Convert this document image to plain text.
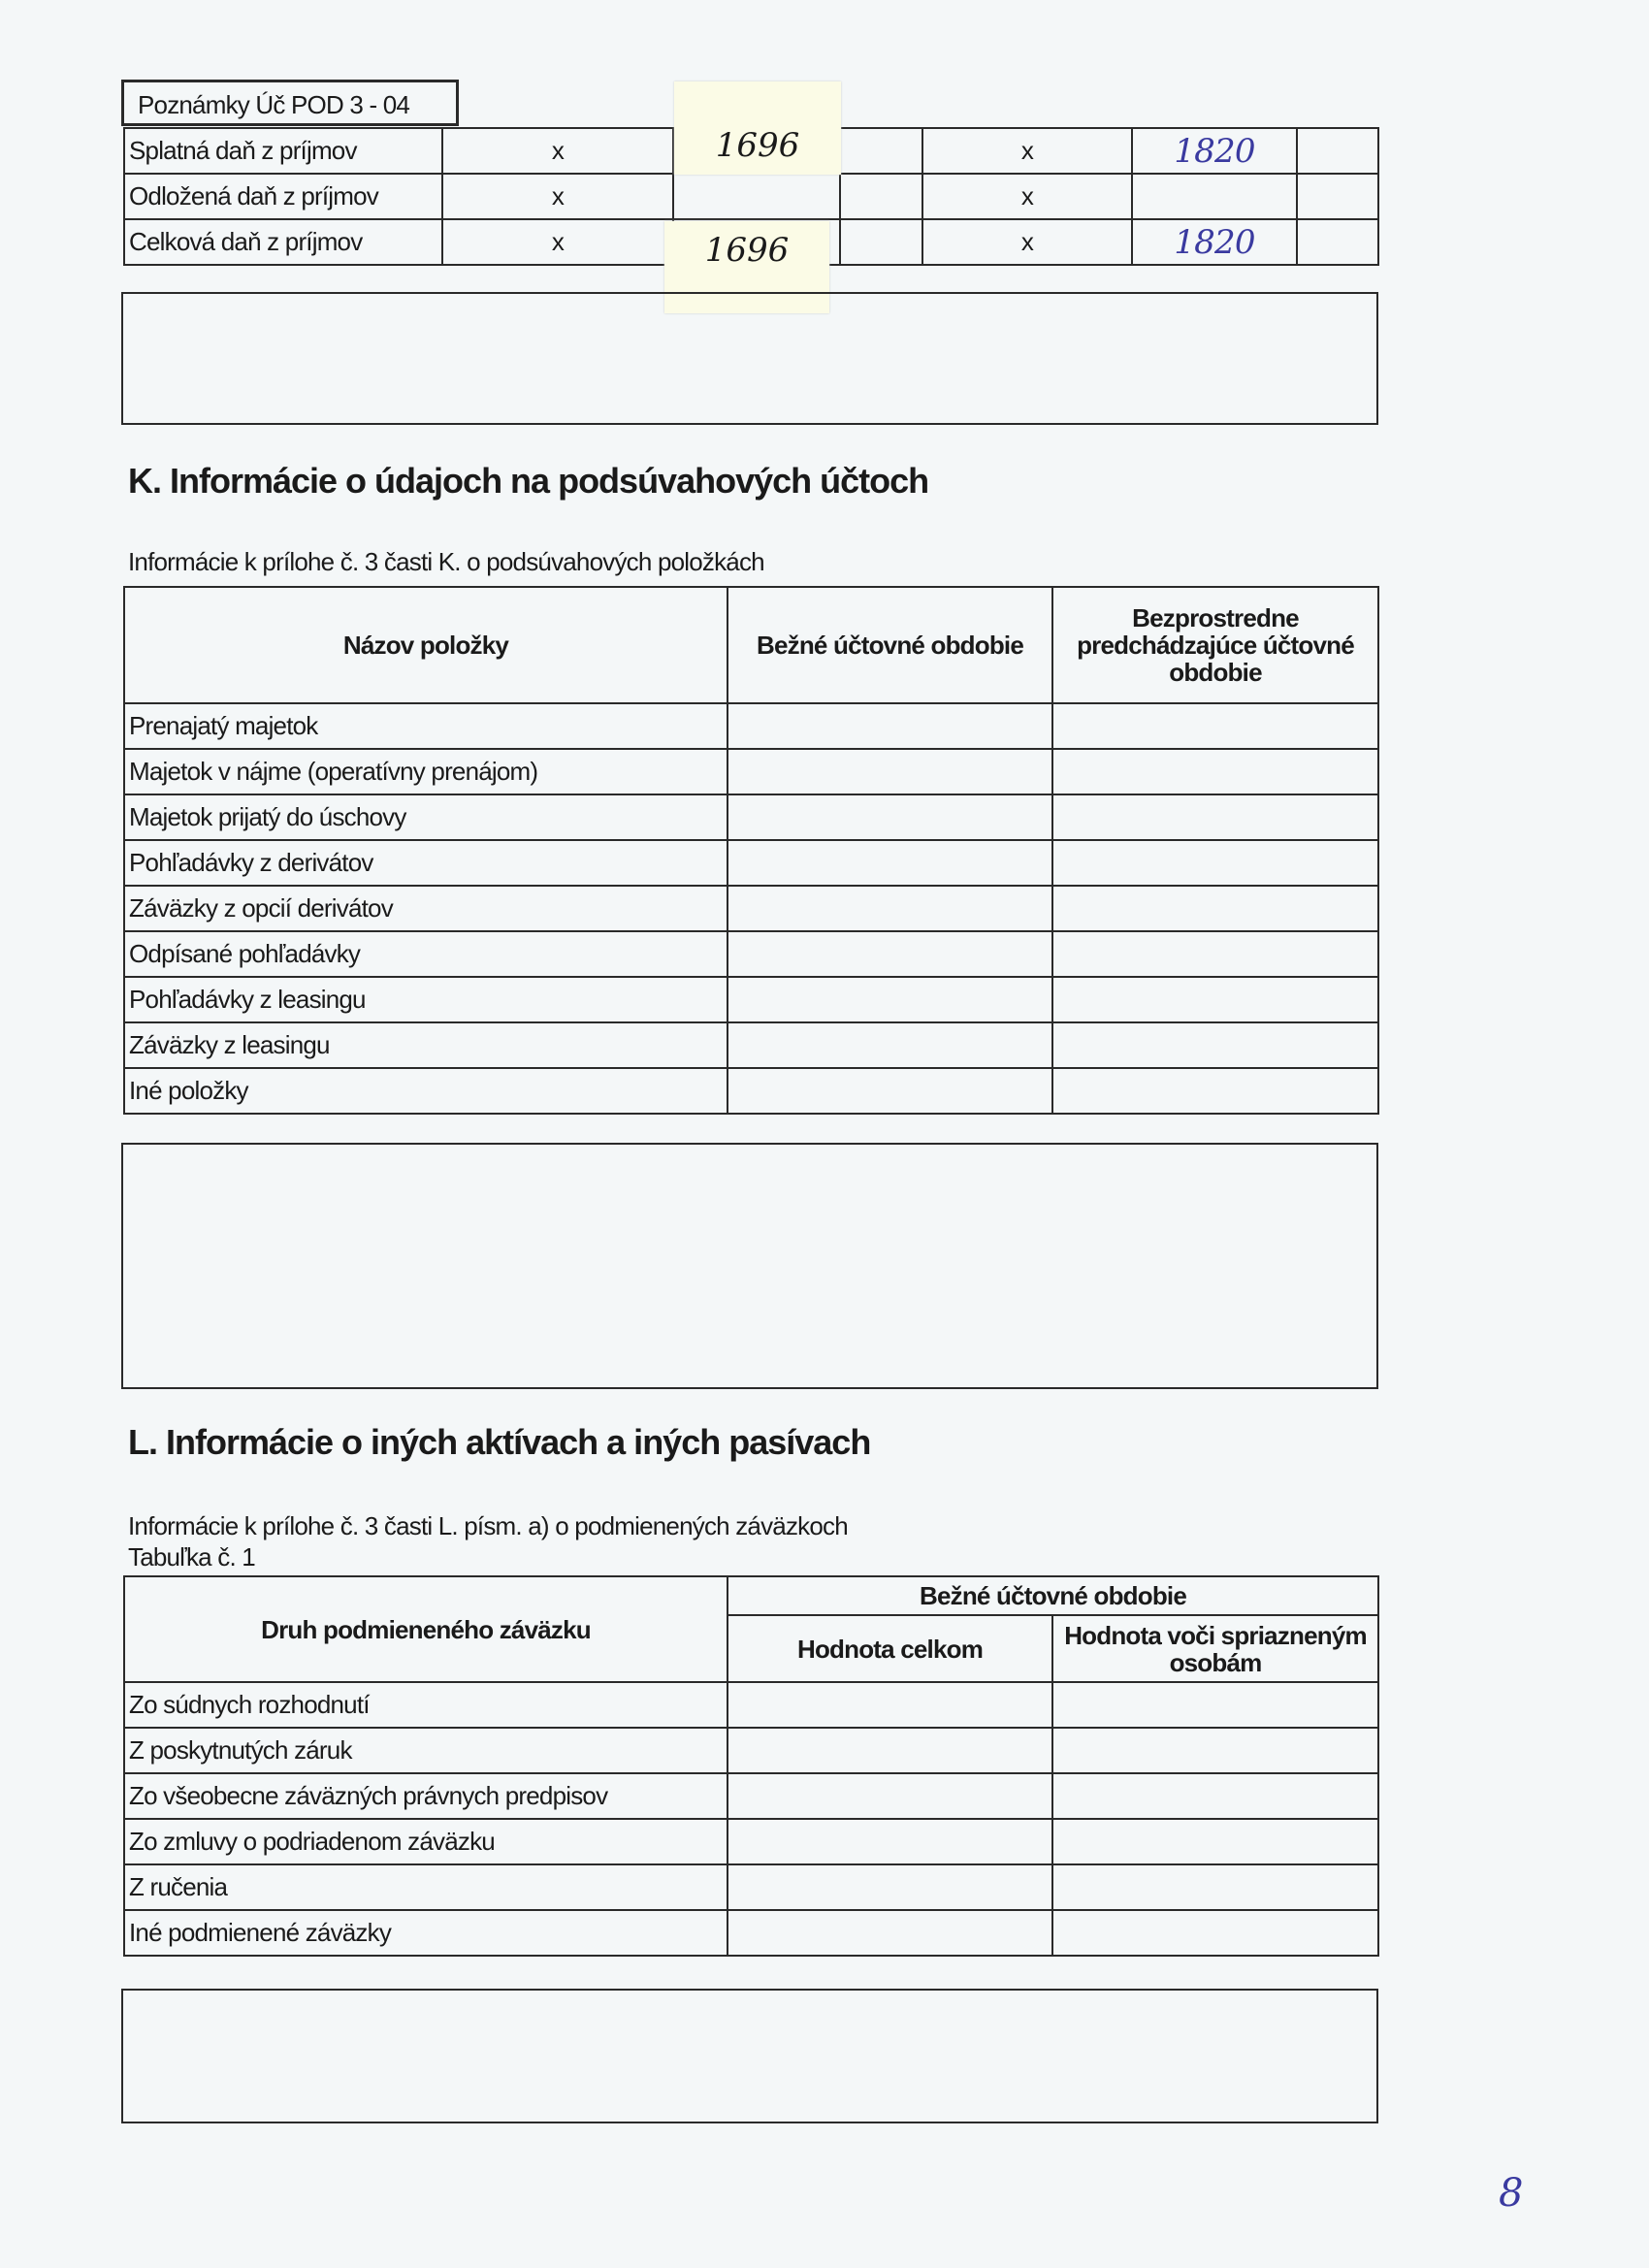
Poznámky Úč POD 3 - 04
Splatná daň z príjmov	x			x	1820	
Odložená daň z príjmov	x			x		
Celková daň z príjmov	x			x	1820	
1696
1696
K. Informácie o údajoch na podsúvahových účtoch
Informácie k prílohe č. 3 časti K. o podsúvahových položkách
Názov položky	Bežné účtovné obdobie	Bezprostredne predchádzajúce účtovné obdobie
Prenajatý majetok		
Majetok v nájme (operatívny prenájom)		
Majetok prijatý do úschovy		
Pohľadávky z derivátov		
Záväzky z opcií derivátov		
Odpísané pohľadávky		
Pohľadávky z leasingu		
Záväzky z leasingu		
Iné položky		
L. Informácie o iných aktívach a iných pasívach
Informácie k prílohe č. 3 časti L. písm. a) o podmienených záväzkoch
Tabuľka č. 1
Druh podmieneného záväzku	Bežné účtovné obdobie	
	Hodnota celkom	Hodnota voči spriazneným osobám
Zo súdnych rozhodnutí		
Z poskytnutých záruk		
Zo všeobecne záväzných právnych predpisov		
Zo zmluvy o podriadenom záväzku		
Z ručenia		
Iné podmienené záväzky		
8
